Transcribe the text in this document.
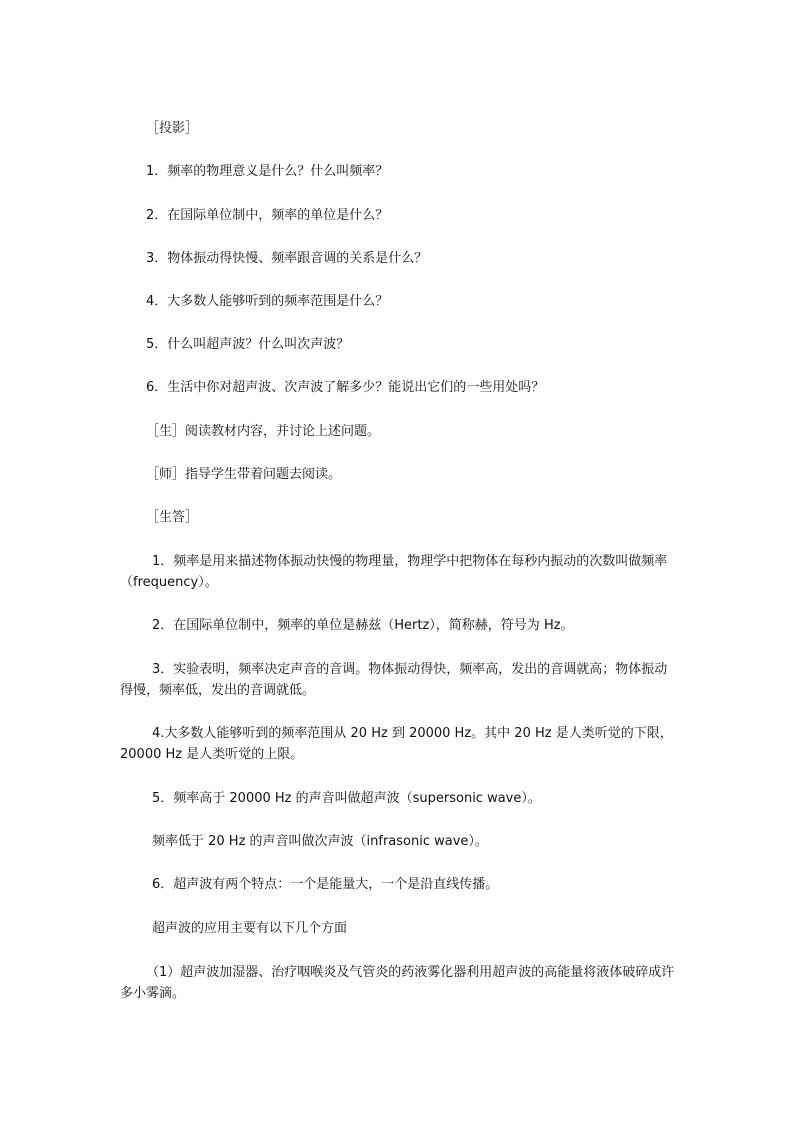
［投影］

1．频率的物理意义是什么？什么叫频率？

2．在国际单位制中，频率的单位是什么？

3．物体振动得快慢、频率跟音调的关系是什么？

4．大多数人能够听到的频率范围是什么？

5．什么叫超声波？什么叫次声波？

6．生活中你对超声波、次声波了解多少？能说出它们的一些用处吗？

［生］阅读教材内容，并讨论上述问题。

［师］指导学生带着问题去阅读。

［生答］

1．频率是用来描述物体振动快慢的物理量，物理学中把物体在每秒内振动的次数叫做频率（frequency）。

2．在国际单位制中，频率的单位是赫兹（Hertz），简称赫，符号为 Hz。

3．实验表明，频率决定声音的音调。物体振动得快，频率高，发出的音调就高；物体振动得慢，频率低，发出的音调就低。

4.大多数人能够听到的频率范围从 20 Hz 到 20000 Hz。其中 20 Hz 是人类听觉的下限，20000 Hz 是人类听觉的上限。

5．频率高于 20000 Hz 的声音叫做超声波（supersonic wave）。

频率低于 20 Hz 的声音叫做次声波（infrasonic wave）。

6．超声波有两个特点：一个是能量大，一个是沿直线传播。

超声波的应用主要有以下几个方面

（1）超声波加湿器、治疗咽喉炎及气管炎的药液雾化器利用超声波的高能量将液体破碎成许多小雾滴。
